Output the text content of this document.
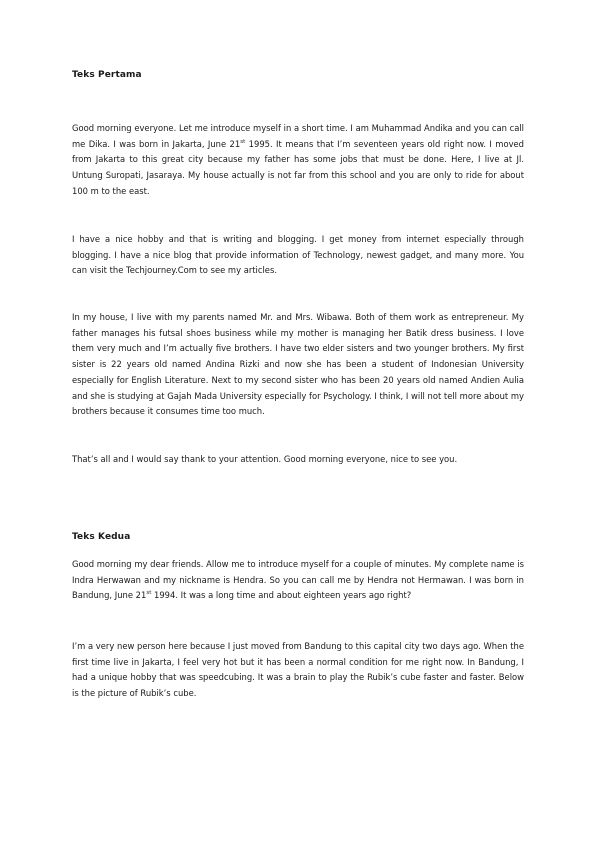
Teks Pertama

Good morning everyone. Let me introduce myself in a short time. I am Muhammad Andika and you can call me Dika. I was born in Jakarta, June 21st 1995. It means that I’m seventeen years old right now. I moved from Jakarta to this great city because my father has some jobs that must be done. Here, I live at Jl. Untung Suropati, Jasaraya. My house actually is not far from this school and you are only to ride for about 100 m to the east.

I have a nice hobby and that is writing and blogging. I get money from internet especially through blogging. I have a nice blog that provide information of Technology, newest gadget, and many more. You can visit the Techjourney.Com to see my articles.

In my house, I live with my parents named Mr. and Mrs. Wibawa. Both of them work as entrepreneur. My father manages his futsal shoes business while my mother is managing her Batik dress business. I love them very much and I’m actually five brothers. I have two elder sisters and two younger brothers. My first sister is 22 years old named Andina Rizki and now she has been a student of Indonesian University especially for English Literature. Next to my second sister who has been 20 years old named Andien Aulia and she is studying at Gajah Mada University especially for Psychology. I think, I will not tell more about my brothers because it consumes time too much.

That’s all and I would say thank to your attention. Good morning everyone, nice to see you.

Teks Kedua

Good morning my dear friends. Allow me to introduce myself for a couple of minutes. My complete name is Indra Herwawan and my nickname is Hendra. So you can call me by Hendra not Hermawan. I was born in Bandung, June 21st 1994. It was a long time and about eighteen years ago right?

I’m a very new person here because I just moved from Bandung to this capital city two days ago. When the first time live in Jakarta, I feel very hot but it has been a normal condition for me right now. In Bandung, I had a unique hobby that was speedcubing. It was a brain to play the Rubik’s cube faster and faster. Below is the picture of Rubik’s cube.
